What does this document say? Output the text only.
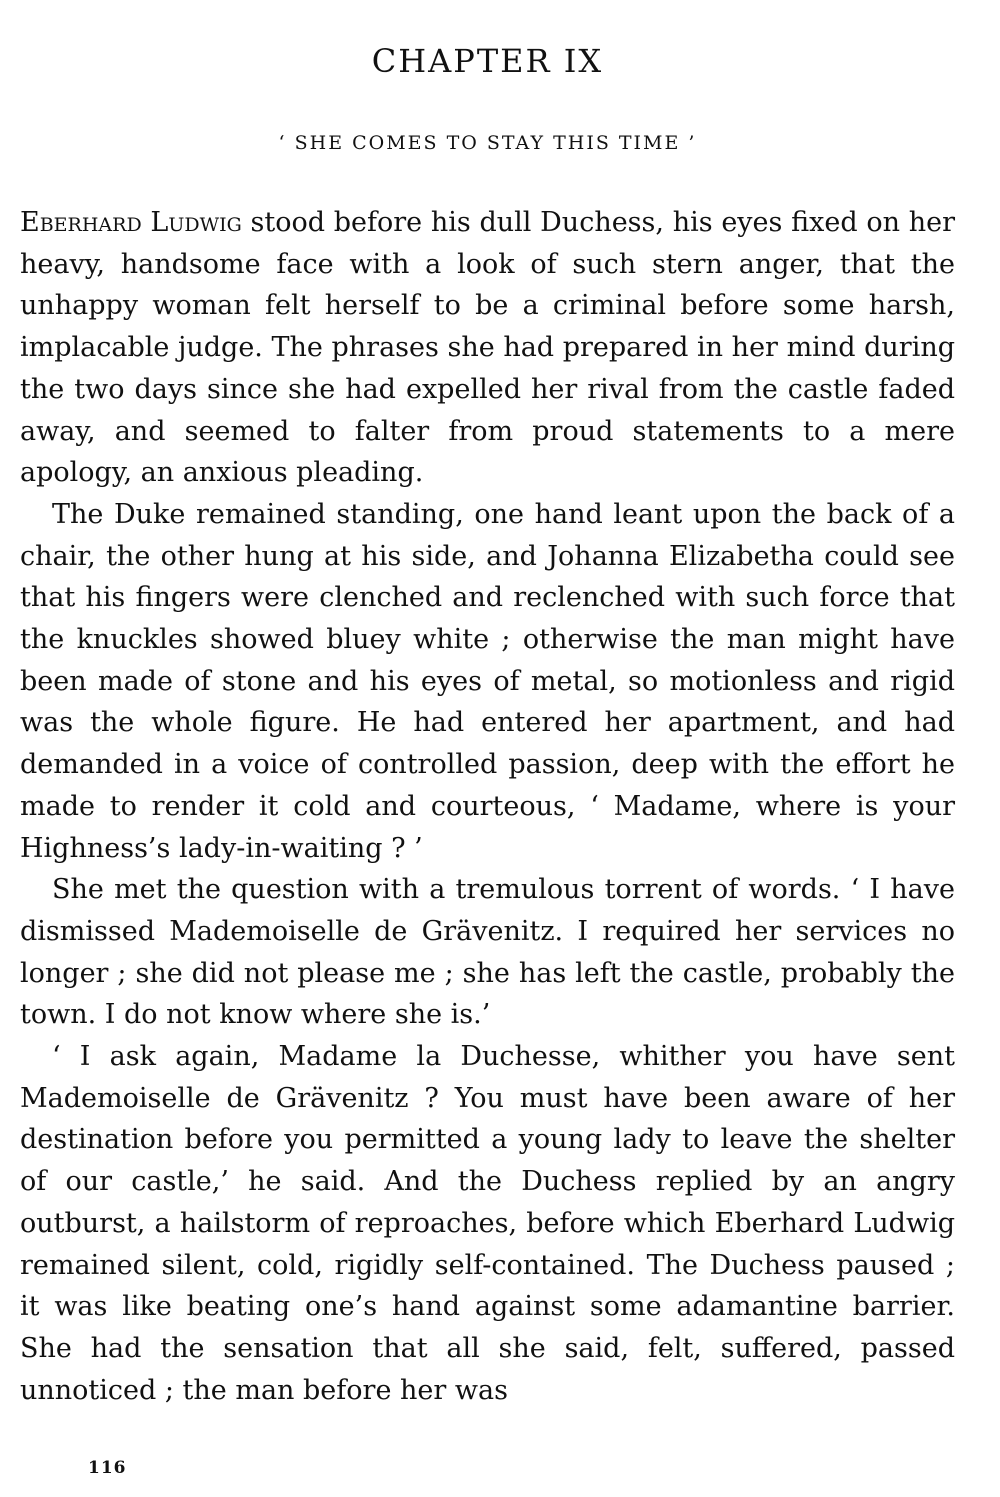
CHAPTER IX
‘ SHE COMES TO STAY THIS TIME ’

Eberhard Ludwig stood before his dull Duchess, his eyes fixed on her heavy, handsome face with a look of such stern anger, that the unhappy woman felt herself to be a criminal before some harsh, implacable judge. The phrases she had prepared in her mind during the two days since she had expelled her rival from the castle faded away, and seemed to falter from proud statements to a mere apology, an anxious pleading.

The Duke remained standing, one hand leant upon the back of a chair, the other hung at his side, and Johanna Elizabetha could see that his fingers were clenched and reclenched with such force that the knuckles showed bluey white ; otherwise the man might have been made of stone and his eyes of metal, so motionless and rigid was the whole figure. He had entered her apartment, and had demanded in a voice of controlled passion, deep with the effort he made to render it cold and courteous, ‘ Madame, where is your Highness’s lady-in-waiting ? ’

She met the question with a tremulous torrent of words. ‘ I have dismissed Mademoiselle de Grävenitz. I required her services no longer ; she did not please me ; she has left the castle, probably the town. I do not know where she is.’

‘ I ask again, Madame la Duchesse, whither you have sent Mademoiselle de Grävenitz ? You must have been aware of her destination before you permitted a young lady to leave the shelter of our castle,’ he said. And the Duchess replied by an angry outburst, a hailstorm of reproaches, before which Eberhard Ludwig remained silent, cold, rigidly self-contained. The Duchess paused ; it was like beating one’s hand against some adamantine barrier. She had the sensation that all she said, felt, suffered, passed unnoticed ; the man before her was

116
